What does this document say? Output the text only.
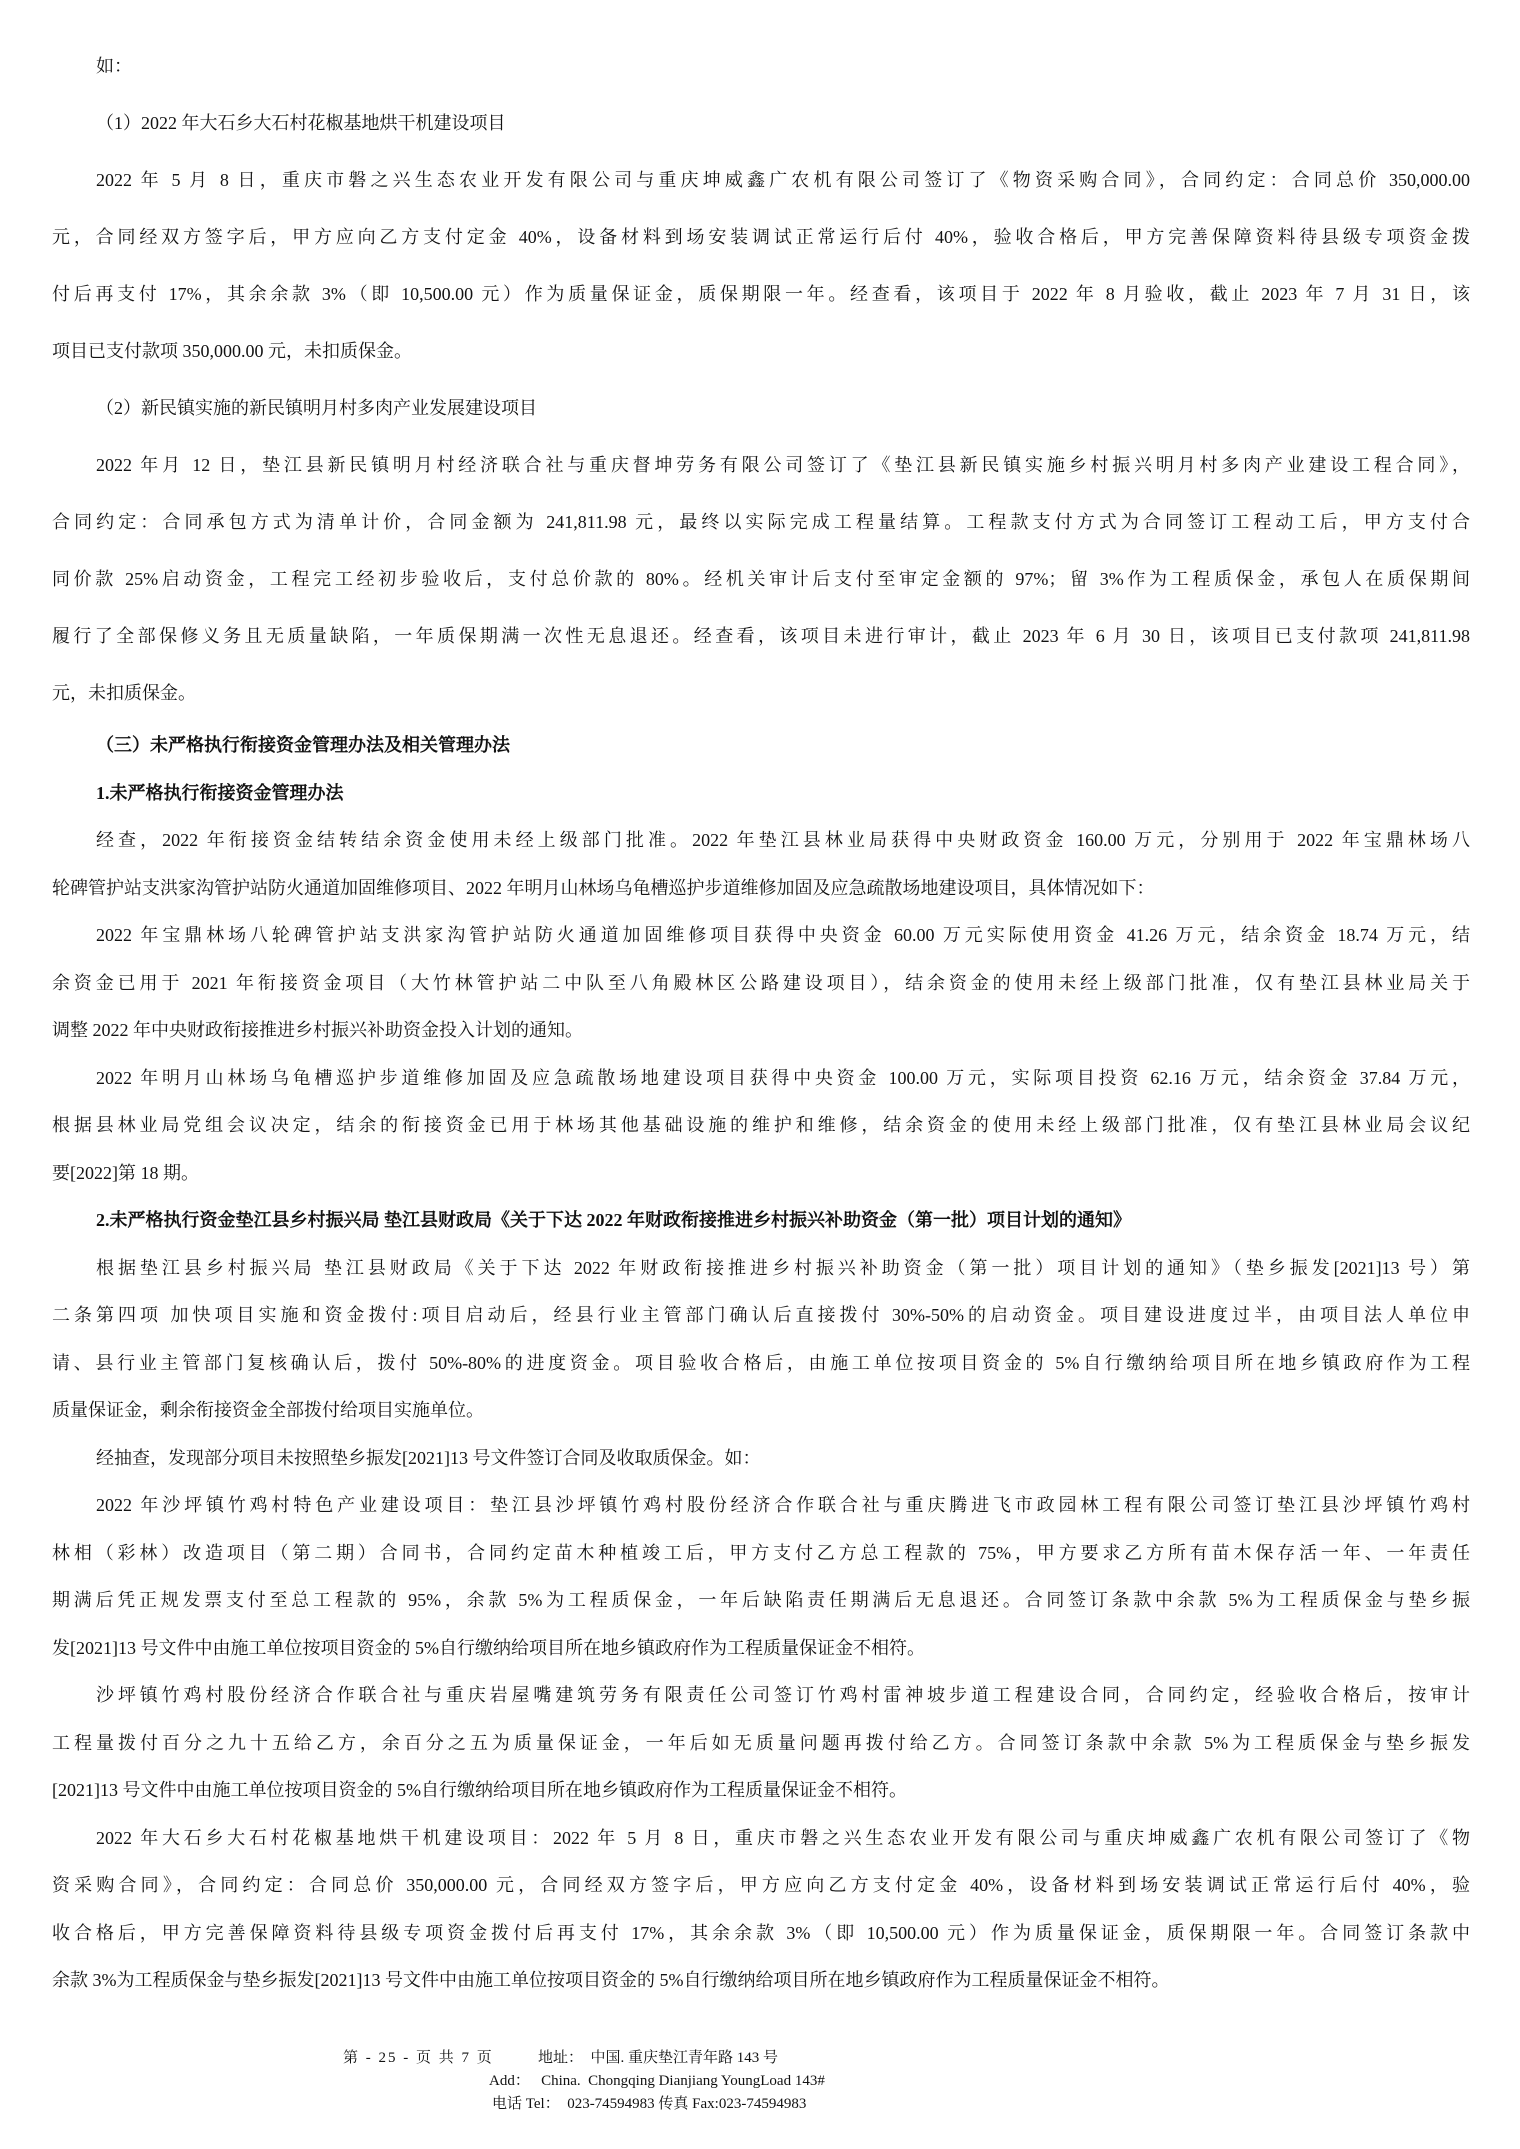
如：
（1）2022 年大石乡大石村花椒基地烘干机建设项目
2022 年 5 月 8 日，重庆市磐之兴生态农业开发有限公司与重庆坤威鑫广农机有限公司签订了《物资采购合同》，合同约定：合同总价 350,000.00
元，合同经双方签字后，甲方应向乙方支付定金 40%，设备材料到场安装调试正常运行后付 40%，验收合格后，甲方完善保障资料待县级专项资金拨
付后再支付 17%，其余余款 3%（即 10,500.00 元）作为质量保证金，质保期限一年。经查看，该项目于 2022 年 8 月验收，截止 2023 年 7 月 31 日，该
项目已支付款项 350,000.00 元，未扣质保金。
（2）新民镇实施的新民镇明月村多肉产业发展建设项目
2022 年月 12 日，垫江县新民镇明月村经济联合社与重庆督坤劳务有限公司签订了《垫江县新民镇实施乡村振兴明月村多肉产业建设工程合同》，
合同约定：合同承包方式为清单计价，合同金额为 241,811.98 元，最终以实际完成工程量结算。工程款支付方式为合同签订工程动工后，甲方支付合
同价款 25%启动资金，工程完工经初步验收后，支付总价款的 80%。经机关审计后支付至审定金额的 97%；留 3%作为工程质保金，承包人在质保期间
履行了全部保修义务且无质量缺陷，一年质保期满一次性无息退还。经查看，该项目未进行审计，截止 2023 年 6 月 30 日，该项目已支付款项 241,811.98
元，未扣质保金。
（三）未严格执行衔接资金管理办法及相关管理办法
1.未严格执行衔接资金管理办法
经查，2022 年衔接资金结转结余资金使用未经上级部门批准。2022 年垫江县林业局获得中央财政资金 160.00 万元，分别用于 2022 年宝鼎林场八
轮碑管护站支洪家沟管护站防火通道加固维修项目、2022 年明月山林场乌龟槽巡护步道维修加固及应急疏散场地建设项目，具体情况如下：
2022 年宝鼎林场八轮碑管护站支洪家沟管护站防火通道加固维修项目获得中央资金 60.00 万元实际使用资金 41.26 万元，结余资金 18.74 万元，结
余资金已用于 2021 年衔接资金项目（大竹林管护站二中队至八角殿林区公路建设项目），结余资金的使用未经上级部门批准，仅有垫江县林业局关于
调整 2022 年中央财政衔接推进乡村振兴补助资金投入计划的通知。
2022 年明月山林场乌龟槽巡护步道维修加固及应急疏散场地建设项目获得中央资金 100.00 万元，实际项目投资 62.16 万元，结余资金 37.84 万元，
根据县林业局党组会议决定，结余的衔接资金已用于林场其他基础设施的维护和维修，结余资金的使用未经上级部门批准，仅有垫江县林业局会议纪
要[2022]第 18 期。
2.未严格执行资金垫江县乡村振兴局 垫江县财政局《关于下达 2022 年财政衔接推进乡村振兴补助资金（第一批）项目计划的通知》
根据垫江县乡村振兴局 垫江县财政局《关于下达 2022 年财政衔接推进乡村振兴补助资金（第一批）项目计划的通知》（垫乡振发[2021]13 号）第
二条第四项 加快项目实施和资金拨付:项目启动后，经县行业主管部门确认后直接拨付 30%-50%的启动资金。项目建设进度过半，由项目法人单位申
请、县行业主管部门复核确认后，拨付 50%-80%的进度资金。项目验收合格后，由施工单位按项目资金的 5%自行缴纳给项目所在地乡镇政府作为工程
质量保证金，剩余衔接资金全部拨付给项目实施单位。
经抽查，发现部分项目未按照垫乡振发[2021]13 号文件签订合同及收取质保金。如：
2022 年沙坪镇竹鸡村特色产业建设项目：垫江县沙坪镇竹鸡村股份经济合作联合社与重庆腾进飞市政园林工程有限公司签订垫江县沙坪镇竹鸡村
林相（彩林）改造项目（第二期）合同书，合同约定苗木种植竣工后，甲方支付乙方总工程款的 75%，甲方要求乙方所有苗木保存活一年、一年责任
期满后凭正规发票支付至总工程款的 95%，余款 5%为工程质保金，一年后缺陷责任期满后无息退还。合同签订条款中余款 5%为工程质保金与垫乡振
发[2021]13 号文件中由施工单位按项目资金的 5%自行缴纳给项目所在地乡镇政府作为工程质量保证金不相符。
沙坪镇竹鸡村股份经济合作联合社与重庆岩屋嘴建筑劳务有限责任公司签订竹鸡村雷神坡步道工程建设合同，合同约定，经验收合格后，按审计
工程量拨付百分之九十五给乙方，余百分之五为质量保证金，一年后如无质量问题再拨付给乙方。合同签订条款中余款 5%为工程质保金与垫乡振发
[2021]13 号文件中由施工单位按项目资金的 5%自行缴纳给项目所在地乡镇政府作为工程质量保证金不相符。
2022 年大石乡大石村花椒基地烘干机建设项目：2022 年 5 月 8 日，重庆市磐之兴生态农业开发有限公司与重庆坤威鑫广农机有限公司签订了《物
资采购合同》，合同约定：合同总价 350,000.00 元，合同经双方签字后，甲方应向乙方支付定金 40%，设备材料到场安装调试正常运行后付 40%，验
收合格后，甲方完善保障资料待县级专项资金拨付后再支付 17%，其余余款 3%（即 10,500.00 元）作为质量保证金，质保期限一年。合同签订条款中
余款 3%为工程质保金与垫乡振发[2021]13 号文件中由施工单位按项目资金的 5%自行缴纳给项目所在地乡镇政府作为工程质量保证金不相符。
第 - 25 - 页 共 7 页	地址：  中国. 重庆垫江青年路 143 号
Add：   China.  Chongqing Dianjiang YoungLoad 143#
电话 Tel：  023-74594983 传真 Fax:023-74594983
